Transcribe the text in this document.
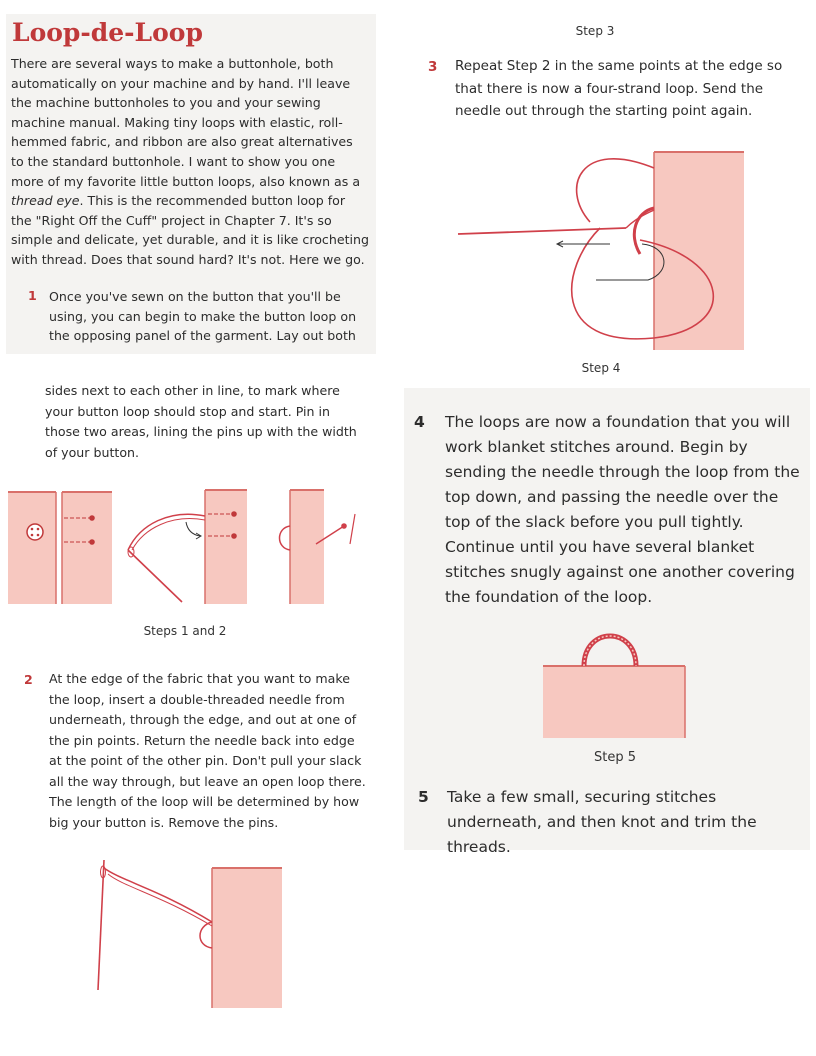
Loop-de-Loop
There are several ways to make a buttonhole, both automatically on your machine and by hand. I'll leave the machine buttonholes to you and your sewing machine manual. Making tiny loops with elastic, roll-hemmed fabric, and ribbon are also great alternatives to the standard buttonhole. I want to show you one more of my favorite little button loops, also known as a thread eye. This is the recommended button loop for the "Right Off the Cuff" project in Chapter 7. It's so simple and delicate, yet durable, and it is like crocheting with thread. Does that sound hard? It's not. Here we go.
1 Once you've sewn on the button that you'll be using, you can begin to make the button loop on the opposing panel of the garment. Lay out both
sides next to each other in line, to mark where your button loop should stop and start. Pin in those two areas, lining the pins up with the width of your button.
Steps 1 and 2
2 At the edge of the fabric that you want to make the loop, insert a double-threaded needle from underneath, through the edge, and out at one of the pin points. Return the needle back into edge at the point of the other pin. Don't pull your slack all the way through, but leave an open loop there. The length of the loop will be determined by how big your button is. Remove the pins.
Step 3
3 Repeat Step 2 in the same points at the edge so that there is now a four-strand loop. Send the needle out through the starting point again.
Step 4
4 The loops are now a foundation that you will work blanket stitches around. Begin by sending the needle through the loop from the top down, and passing the needle over the top of the slack before you pull tightly. Continue until you have several blanket stitches snugly against one another covering the foundation of the loop.
Step 5
5 Take a few small, securing stitches underneath, and then knot and trim the threads.
